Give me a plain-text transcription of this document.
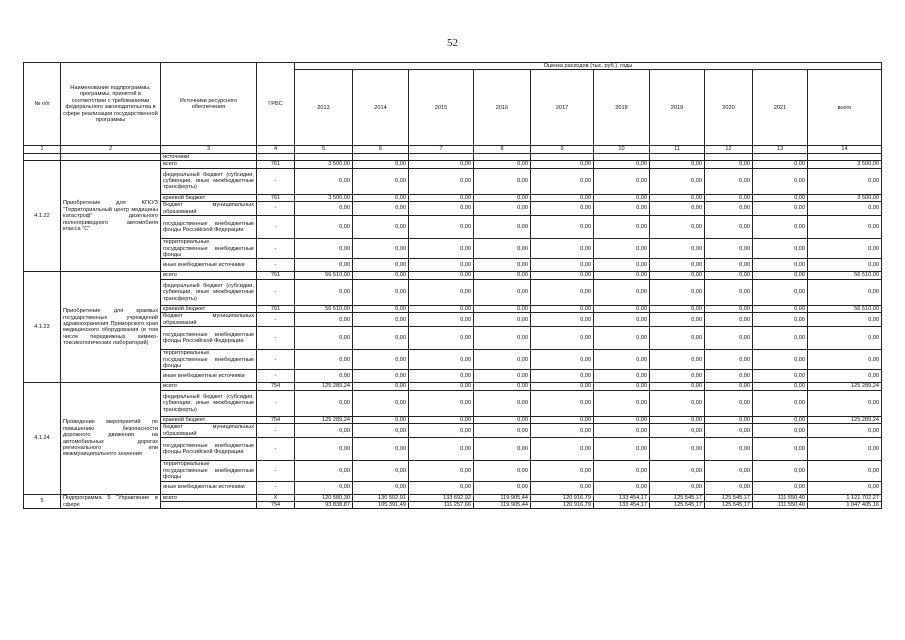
52
№ п/п	Наименование подпрограммы, программы, принятой в соответствии с требованиями федерального законодательства в сфере реализации государственной программы	Источники ресурсного обеспечения	ГРБС	Оценка расходов (тыс. руб.), годы									
				2013	2014	2015	2016	2017	2018	2019	2020	2021	всего
1	2	3	4	5	6	7	8	9	10	11	12	13	14
		источники											
4.1.22	Приобретение для КГКУЗ "Территориальный центр медицины катастроф" дизельного полноприводного автомобиля класса "С"	всего	761	3 500,00	0,00	0,00	0,00	0,00	0,00	0,00	0,00	0,00	3 500,00
		федеральный бюджет (субсидии, субвенции, иные межбюджетные трансферты)	-	0,00	0,00	0,00	0,00	0,00	0,00	0,00	0,00	0,00	0,00
		краевой бюджет	761	3 500,00	0,00	0,00	0,00	0,00	0,00	0,00	0,00	0,00	3 500,00
		бюджет муниципальных образований	-	0,00	0,00	0,00	0,00	0,00	0,00	0,00	0,00	0,00	0,00
		государственные внебюджетные фонды Российской Федерации	-	0,00	0,00	0,00	0,00	0,00	0,00	0,00	0,00	0,00	0,00
		территориальные государственные внебюджетные фонды	-	0,00	0,00	0,00	0,00	0,00	0,00	0,00	0,00	0,00	0,00
		иные внебюджетные источники	-	0,00	0,00	0,00	0,00	0,00	0,00	0,00	0,00	0,00	0,00
4.1.23	Приобретение для краевых государственных учреждений здравоохранения Приморского края медицинского оборудования (в том числе передвижных химико-токсикологических лабораторий)	всего	761	56 510,00	0,00	0,00	0,00	0,00	0,00	0,00	0,00	0,00	56 510,00
		федеральный бюджет (субсидии, субвенции, иные межбюджетные трансферты)	-	0,00	0,00	0,00	0,00	0,00	0,00	0,00	0,00	0,00	0,00
		краевой бюджет	761	56 510,00	0,00	0,00	0,00	0,00	0,00	0,00	0,00	0,00	56 510,00
		бюджет муниципальных образований	-	0,00	0,00	0,00	0,00	0,00	0,00	0,00	0,00	0,00	0,00
		государственные внебюджетные фонды Российской Федерации	-	0,00	0,00	0,00	0,00	0,00	0,00	0,00	0,00	0,00	0,00
		территориальные государственные внебюджетные фонды	-	0,00	0,00	0,00	0,00	0,00	0,00	0,00	0,00	0,00	0,00
		иные внебюджетные источники	-	0,00	0,00	0,00	0,00	0,00	0,00	0,00	0,00	0,00	0,00
4.1.24	Проведение мероприятий по повышению безопасности дорожного движения на автомобильных дорогах регионального или межмуниципального значения	всего	754	125 289,24	0,00	0,00	0,00	0,00	0,00	0,00	0,00	0,00	125 289,24
		федеральный бюджет (субсидии, субвенции, иные межбюджетные трансферты)	-	0,00	0,00	0,00	0,00	0,00	0,00	0,00	0,00	0,00	0,00
		краевой бюджет	754	125 289,24	0,00	0,00	0,00	0,00	0,00	0,00	0,00	0,00	125 289,24
		бюджет муниципальных образований	-	0,00	0,00	0,00	0,00	0,00	0,00	0,00	0,00	0,00	0,00
		государственные внебюджетные фонды Российской Федерации	-	0,00	0,00	0,00	0,00	0,00	0,00	0,00	0,00	0,00	0,00
		территориальные государственные внебюджетные фонды	-	0,00	0,00	0,00	0,00	0,00	0,00	0,00	0,00	0,00	0,00
		иные внебюджетные источники	-	0,00	0,00	0,00	0,00	0,00	0,00	0,00	0,00	0,00	0,00
5	Подпрограмма 5 "Управление в сфере	всего	X	120 580,30	130 502,91	133 692,92	119 905,44	120 916,79	133 454,17	125 545,17	125 545,17	111 550,40	1 121 702,27
			754	93 838,87	105 391,49	111 257,66	119 905,44	120 916,79	133 454,17	125 545,17	125 545,17	111 550,40	1 047 405,16
